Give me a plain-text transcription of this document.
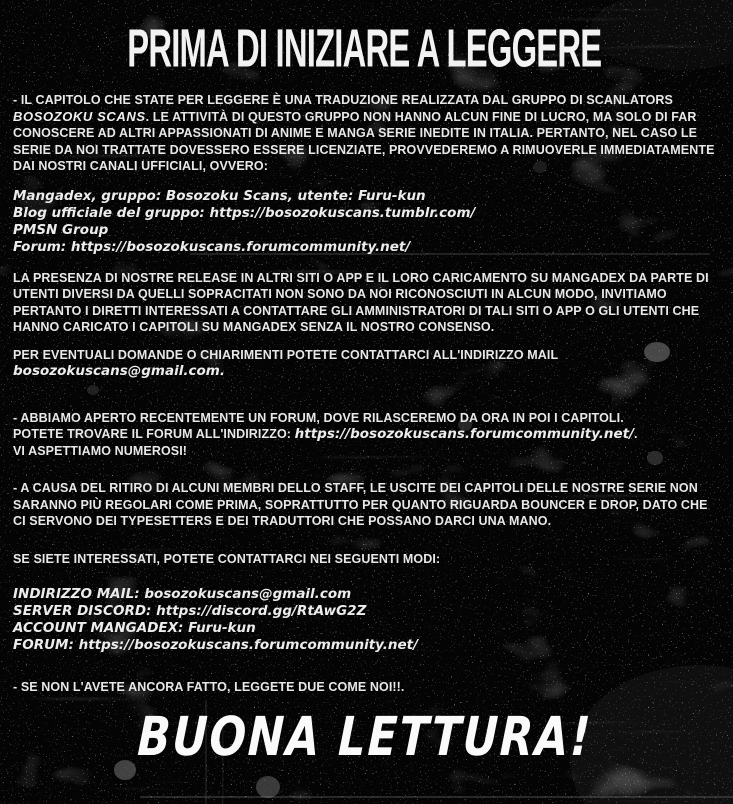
PRIMA DI INIZIARE A LEGGERE
- IL CAPITOLO CHE STATE PER LEGGERE È UNA TRADUZIONE REALIZZATA DAL GRUPPO DI SCANLATORS BOSOZOKU SCANS. LE ATTIVITÀ DI QUESTO GRUPPO NON HANNO ALCUN FINE DI LUCRO, MA SOLO DI FAR CONOSCERE AD ALTRI APPASSIONATI DI ANIME E MANGA SERIE INEDITE IN ITALIA. PERTANTO, NEL CASO LE SERIE DA NOI TRATTATE DOVESSERO ESSERE LICENZIATE, PROVVEDEREMO A RIMUOVERLE IMMEDIATAMENTE DAI NOSTRI CANALI UFFICIALI, OVVERO:
Mangadex, gruppo: Bosozoku Scans, utente: Furu-kun
Blog ufficiale del gruppo: https://bosozokuscans.tumblr.com/
PMSN Group
Forum: https://bosozokuscans.forumcommunity.net/
LA PRESENZA DI NOSTRE RELEASE IN ALTRI SITI O APP E IL LORO CARICAMENTO SU MANGADEX DA PARTE DI UTENTI DIVERSI DA QUELLI SOPRACITATI NON SONO DA NOI RICONOSCIUTI IN ALCUN MODO, INVITIAMO PERTANTO I DIRETTI INTERESSATI A CONTATTARE GLI AMMINISTRATORI DI TALI SITI O APP O GLI UTENTI CHE HANNO CARICATO I CAPITOLI SU MANGADEX SENZA IL NOSTRO CONSENSO.
PER EVENTUALI DOMANDE O CHIARIMENTI POTETE CONTATTARCI ALL'INDIRIZZO MAIL
bosozokuscans@gmail.com.
- ABBIAMO APERTO RECENTEMENTE UN FORUM, DOVE RILASCEREMO DA ORA IN POI I CAPITOLI.
POTETE TROVARE IL FORUM ALL'INDIRIZZO: https://bosozokuscans.forumcommunity.net/.
VI ASPETTIAMO NUMEROSI!
- A CAUSA DEL RITIRO DI ALCUNI MEMBRI DELLO STAFF, LE USCITE DEI CAPITOLI DELLE NOSTRE SERIE NON SARANNO PIÙ REGOLARI COME PRIMA, SOPRATTUTTO PER QUANTO RIGUARDA BOUNCER E DROP, DATO CHE CI SERVONO DEI TYPESETTERS E DEI TRADUTTORI CHE POSSANO DARCI UNA MANO.
SE SIETE INTERESSATI, POTETE CONTATTARCI NEI SEGUENTI MODI:
INDIRIZZO MAIL: bosozokuscans@gmail.com
SERVER DISCORD: https://discord.gg/RtAwG2Z
ACCOUNT MANGADEX: Furu-kun
FORUM: https://bosozokuscans.forumcommunity.net/
- SE NON L'AVETE ANCORA FATTO, LEGGETE DUE COME NOI!!.
BUONA LETTURA!
